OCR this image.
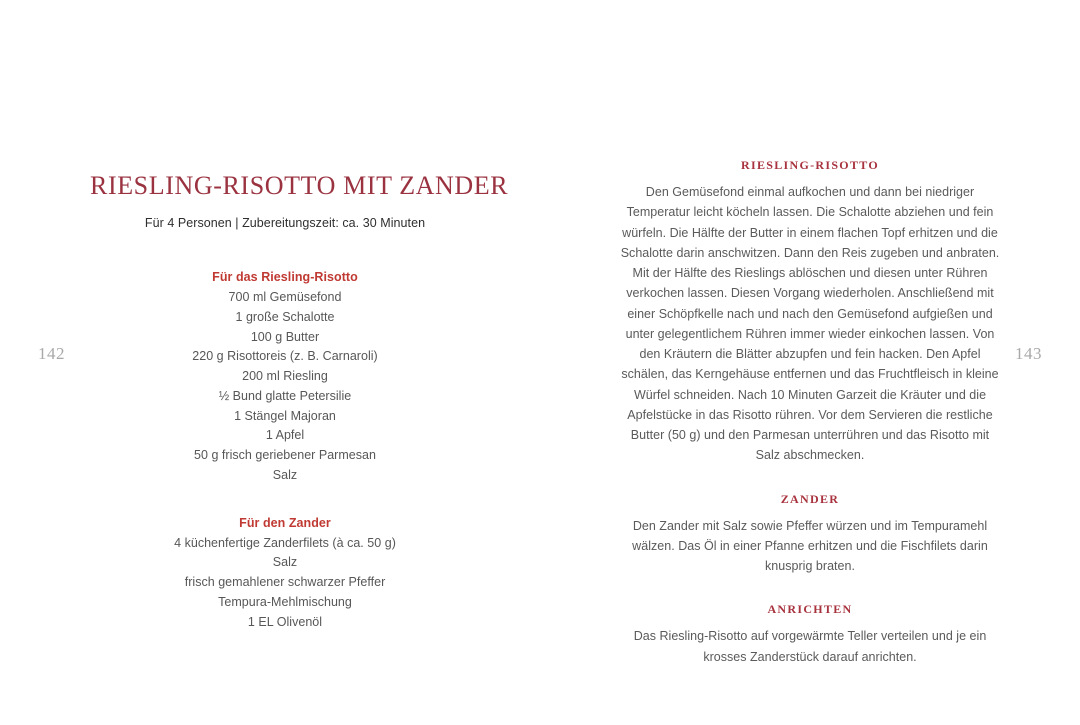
142
RIESLING-RISOTTO MIT ZANDER

Für 4 Personen | Zubereitungszeit: ca. 30 Minuten

Für das Riesling-Risotto
700 ml Gemüsefond
1 große Schalotte
100 g Butter
220 g Risottoreis (z. B. Carnaroli)
200 ml Riesling
½ Bund glatte Petersilie
1 Stängel Majoran
1 Apfel
50 g frisch geriebener Parmesan
Salz
Für den Zander
4 küchenfertige Zanderfilets (à ca. 50 g)
Salz
frisch gemahlener schwarzer Pfeffer
Tempura-Mehlmischung
1 EL Olivenöl
143
RIESLING-RISOTTO

Den Gemüsefond einmal aufkochen und dann bei niedriger Temperatur leicht köcheln lassen. Die Schalotte abziehen und fein würfeln. Die Hälfte der Butter in einem flachen Topf erhitzen und die Schalotte darin anschwitzen. Dann den Reis zugeben und anbraten. Mit der Hälfte des Rieslings ablöschen und diesen unter Rühren verkochen lassen. Diesen Vorgang wiederholen. Anschließend mit einer Schöpfkelle nach und nach den Gemüsefond aufgießen und unter gelegentlichem Rühren immer wieder einkochen lassen. Von den Kräutern die Blätter abzupfen und fein hacken. Den Apfel schälen, das Kerngehäuse entfernen und das Fruchtfleisch in kleine Würfel schneiden. Nach 10 Minuten Garzeit die Kräuter und die Apfelstücke in das Risotto rühren. Vor dem Servieren die restliche Butter (50 g) und den Parmesan unterrühren und das Risotto mit Salz abschmecken.

ZANDER

Den Zander mit Salz sowie Pfeffer würzen und im Tempuramehl wälzen. Das Öl in einer Pfanne erhitzen und die Fischfilets darin knusprig braten.

ANRICHTEN

Das Riesling-Risotto auf vorgewärmte Teller verteilen und je ein krosses Zanderstück darauf anrichten.
